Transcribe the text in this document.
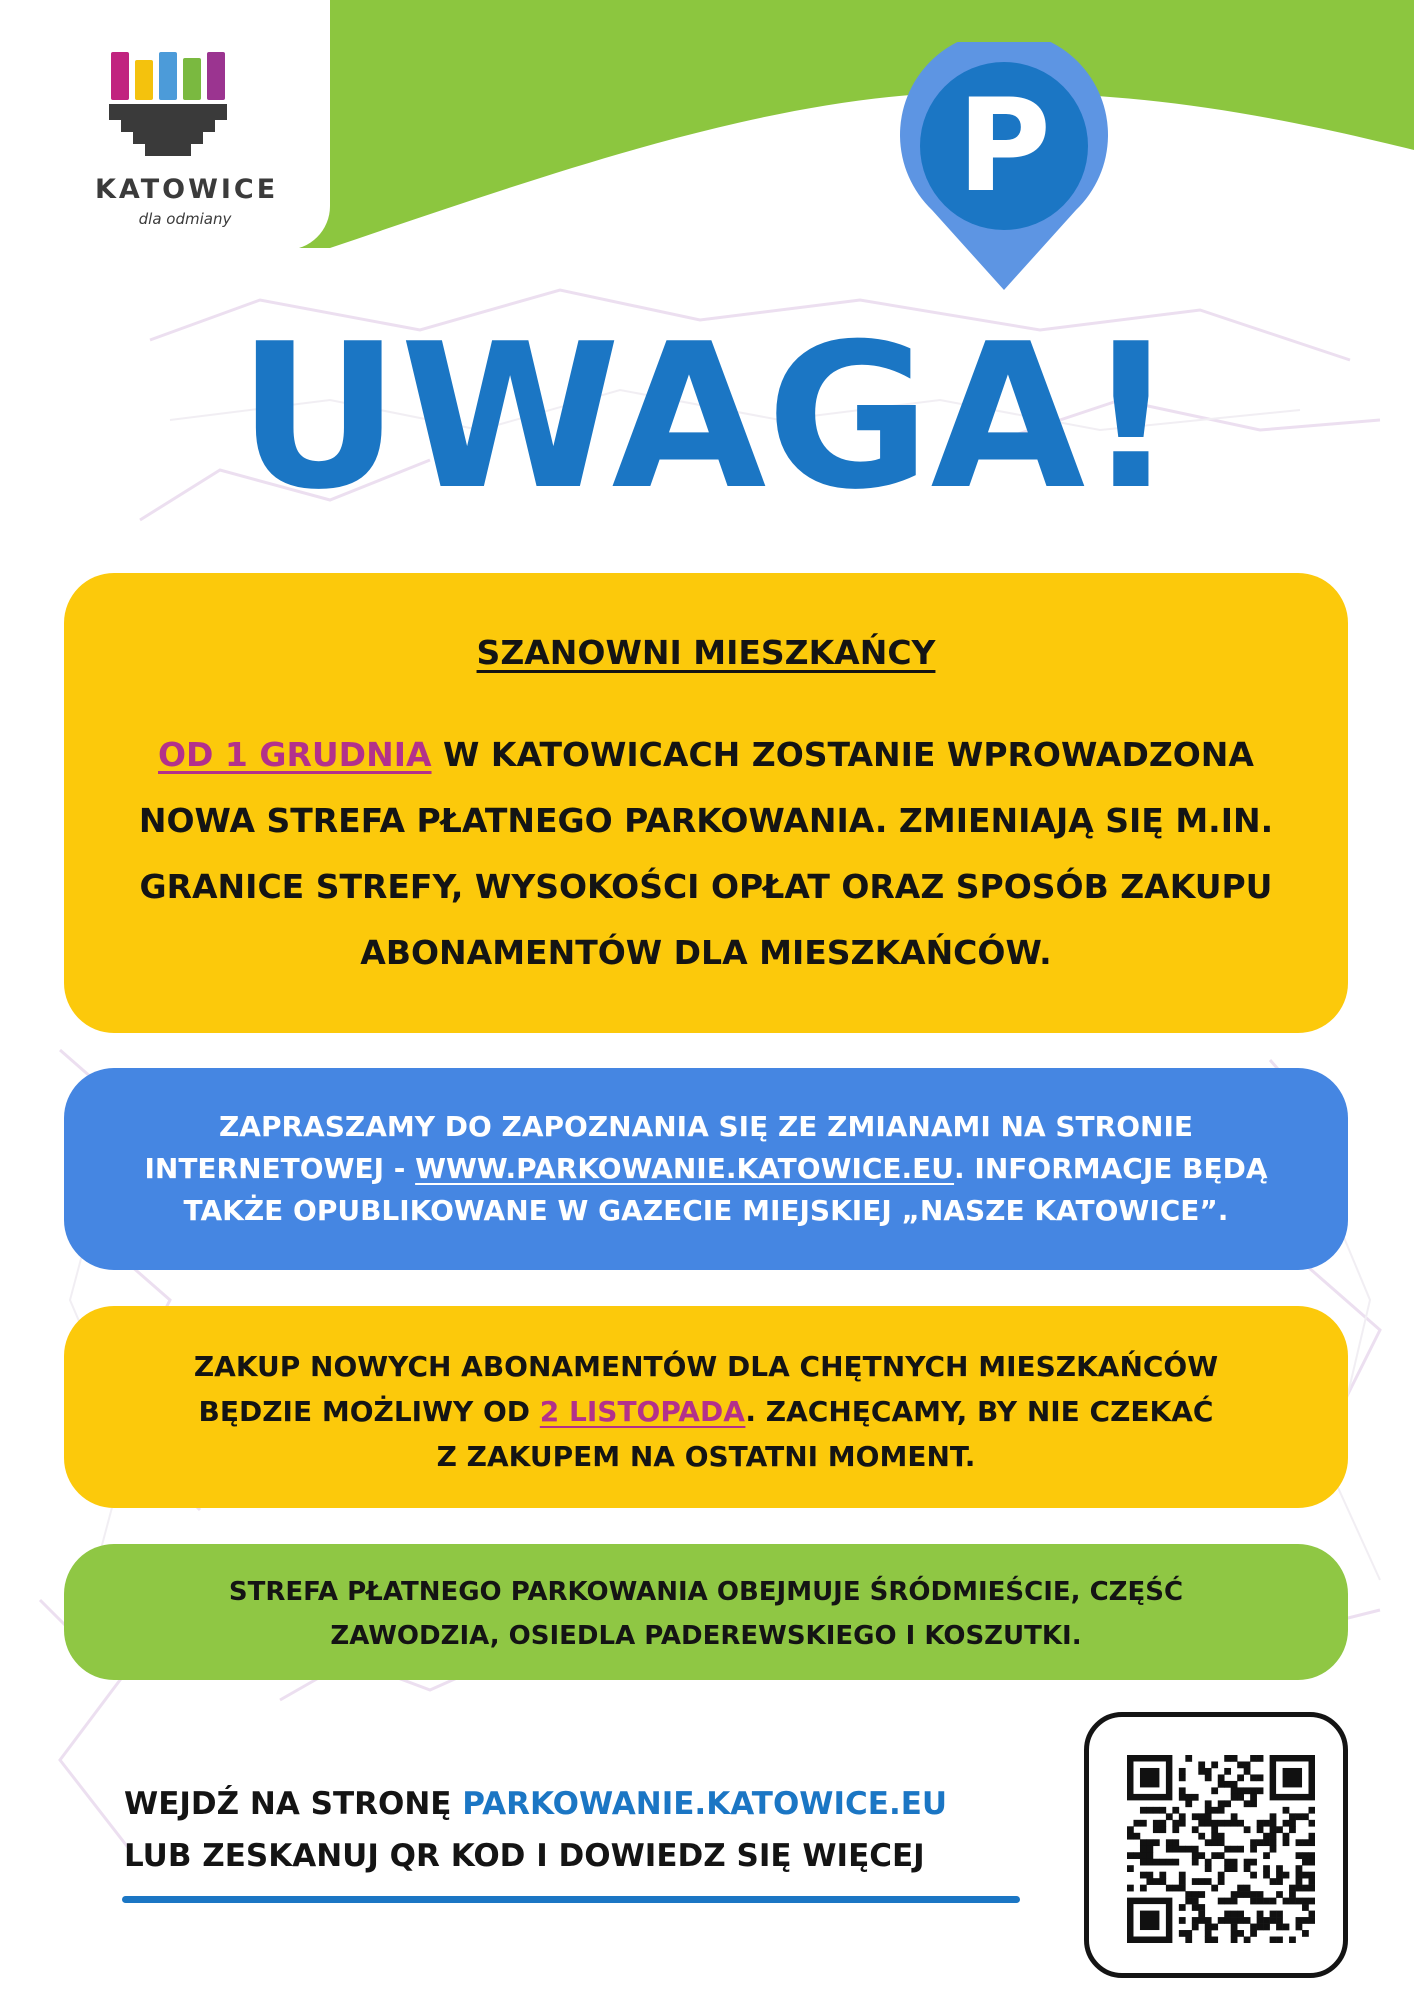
KATOWICE
dla odmiany	P
UWAGA!
SZANOWNI MIESZKAŃCY
OD 1 GRUDNIA W KATOWICACH ZOSTANIE WPROWADZONA
NOWA STREFA PŁATNEGO PARKOWANIA. ZMIENIAJĄ SIĘ M.IN.
GRANICE STREFY, WYSOKOŚCI OPŁAT ORAZ SPOSÓB ZAKUPU
ABONAMENTÓW DLA MIESZKAŃCÓW.
ZAPRASZAMY DO ZAPOZNANIA SIĘ ZE ZMIANAMI NA STRONIE
INTERNETOWEJ - WWW.PARKOWANIE.KATOWICE.EU. INFORMACJE BĘDĄ
TAKŻE OPUBLIKOWANE W GAZECIE MIEJSKIEJ „NASZE KATOWICE”.
ZAKUP NOWYCH ABONAMENTÓW DLA CHĘTNYCH MIESZKAŃCÓW
BĘDZIE MOŻLIWY OD 2 LISTOPADA. ZACHĘCAMY, BY NIE CZEKAĆ
Z ZAKUPEM NA OSTATNI MOMENT.
STREFA PŁATNEGO PARKOWANIA OBEJMUJE ŚRÓDMIEŚCIE, CZĘŚĆ
ZAWODZIA, OSIEDLA PADEREWSKIEGO I KOSZUTKI.
WEJDŹ NA STRONĘ PARKOWANIE.KATOWICE.EU
LUB ZESKANUJ QR KOD I DOWIEDZ SIĘ WIĘCEJ
